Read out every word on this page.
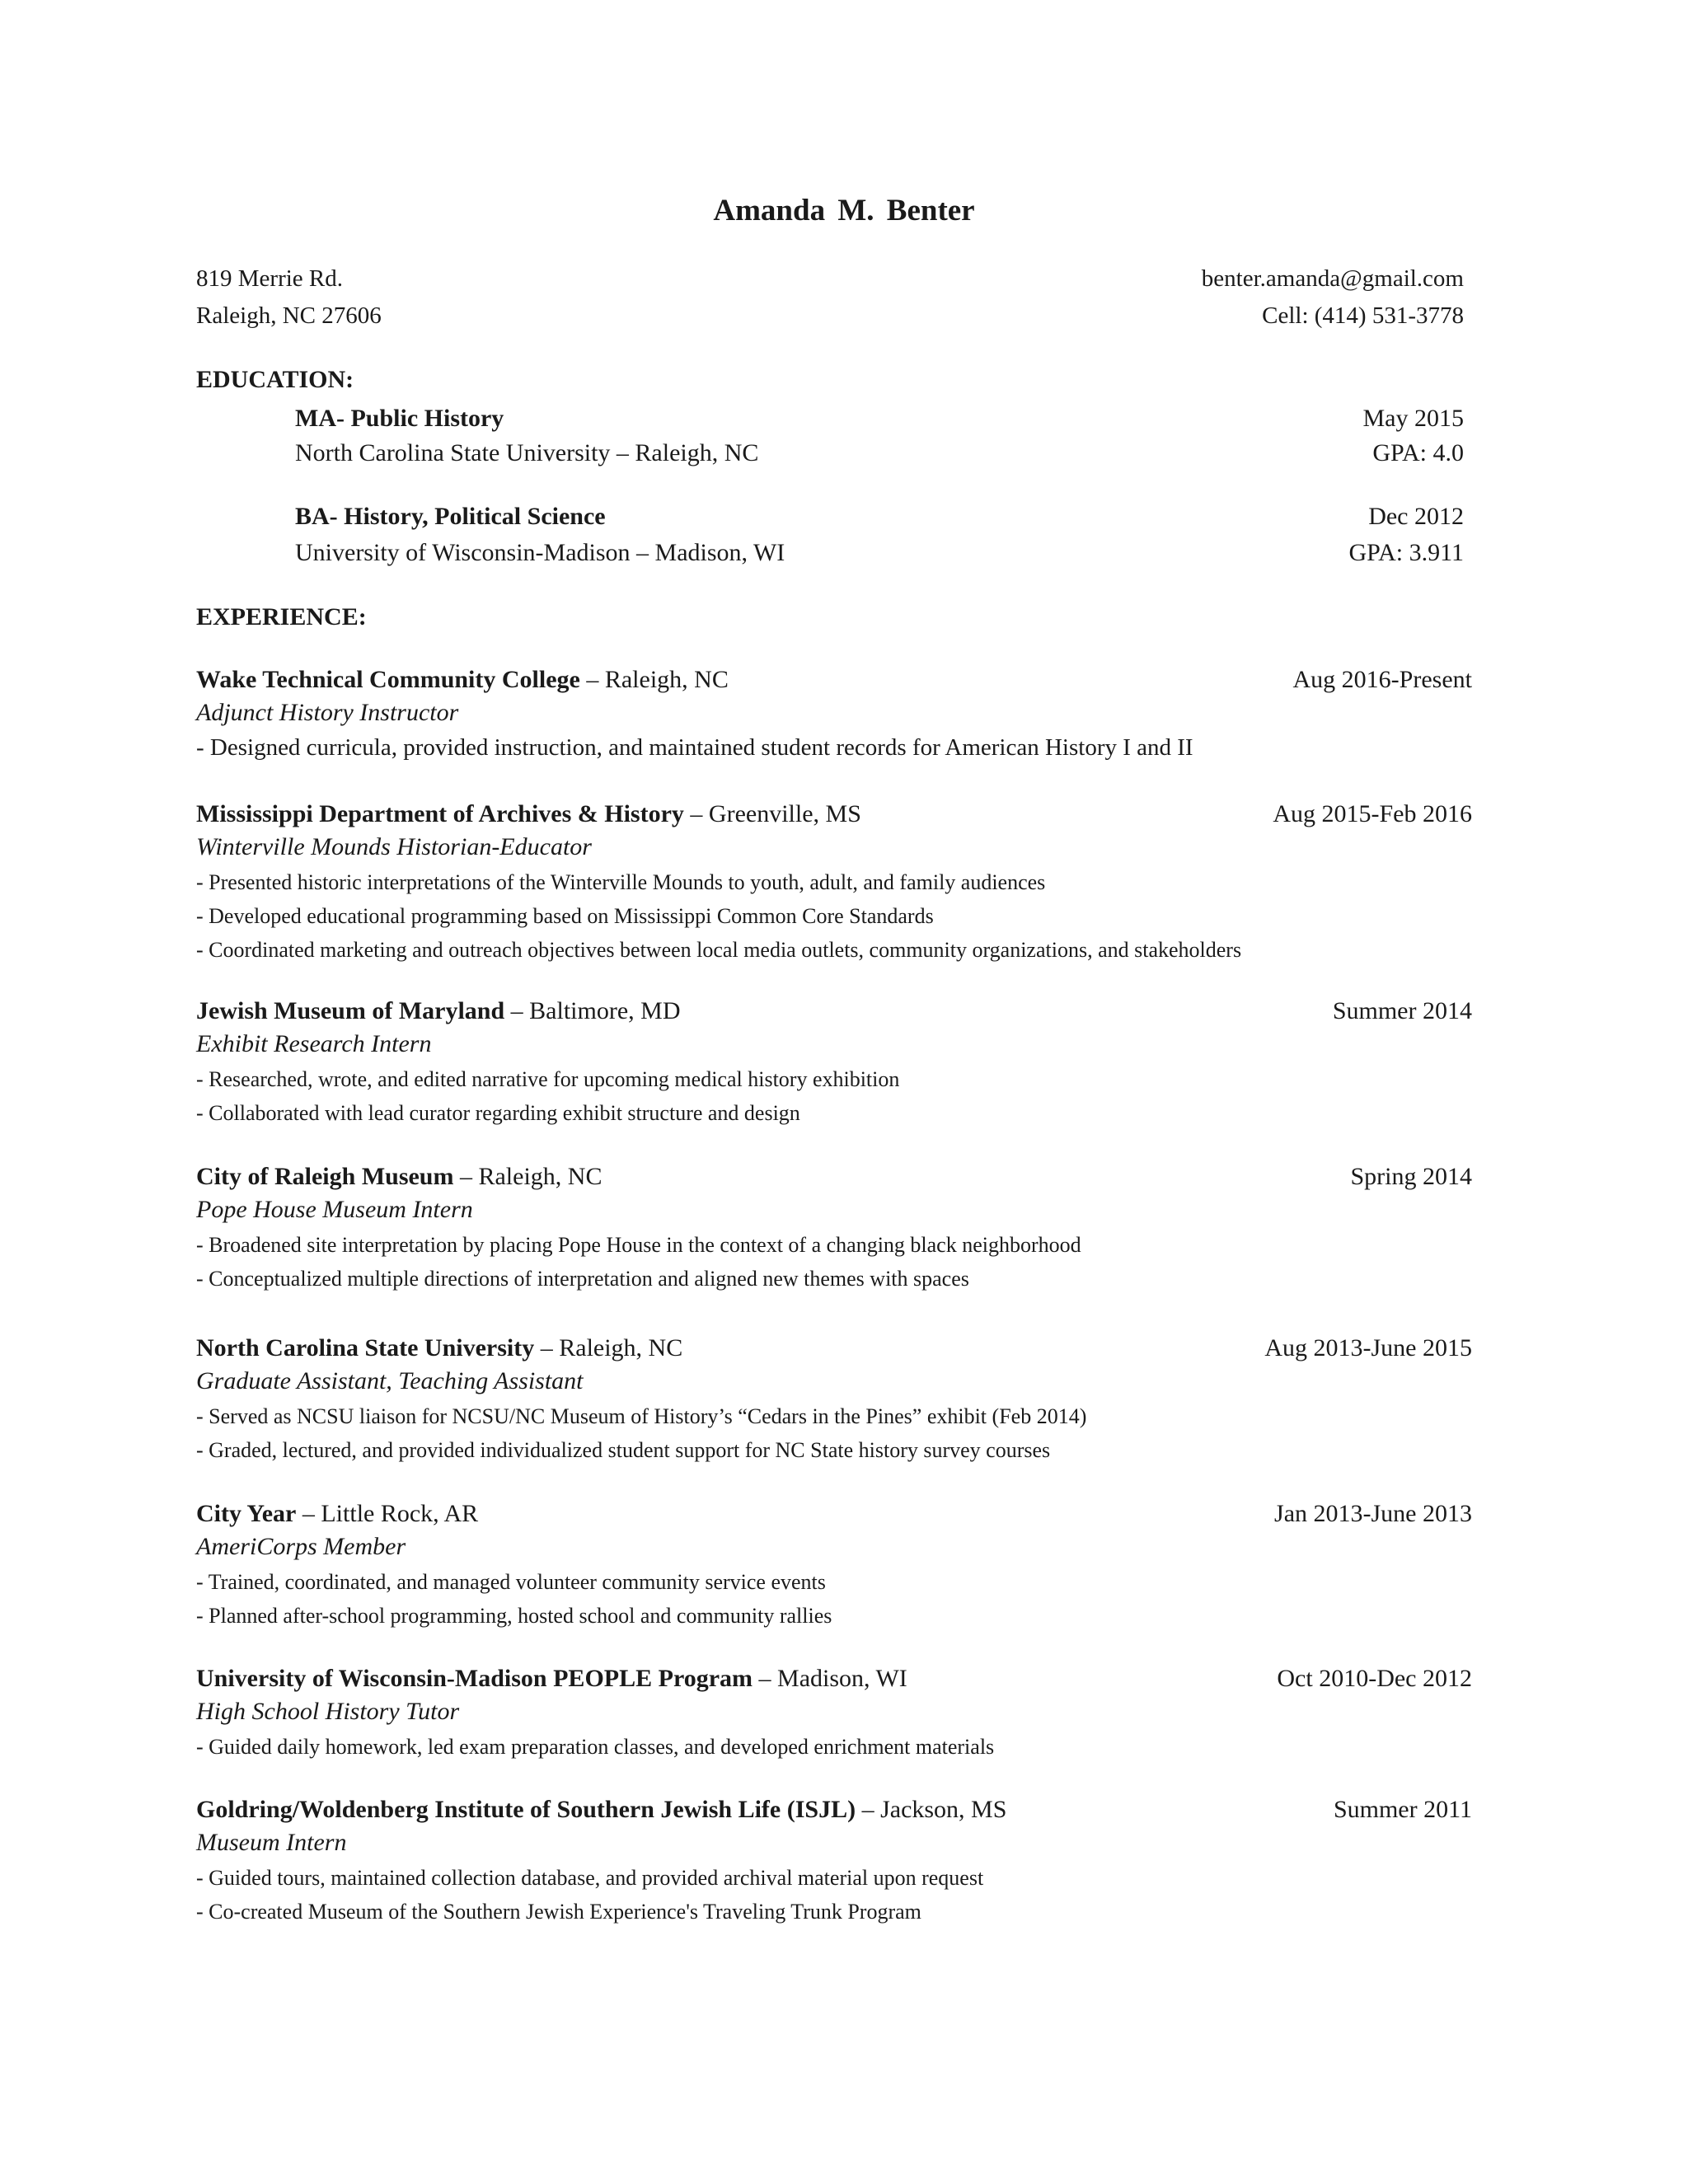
Amanda M. Benter
819 Merrie Rd.	benter.amanda@gmail.com
Raleigh, NC 27606	Cell: (414) 531-3778
EDUCATION:
MA- Public History	May 2015
North Carolina State University – Raleigh, NC	GPA: 4.0
BA- History, Political Science	Dec 2012
University of Wisconsin-Madison – Madison, WI	GPA: 3.911
EXPERIENCE:
Wake Technical Community College – Raleigh, NC	Aug 2016-Present
Adjunct History Instructor
- Designed curricula, provided instruction, and maintained student records for American History I and II
Mississippi Department of Archives & History – Greenville, MS	Aug 2015-Feb 2016
Winterville Mounds Historian-Educator
- Presented historic interpretations of the Winterville Mounds to youth, adult, and family audiences
- Developed educational programming based on Mississippi Common Core Standards
- Coordinated marketing and outreach objectives between local media outlets, community organizations, and stakeholders
Jewish Museum of Maryland – Baltimore, MD	Summer 2014
Exhibit Research Intern
- Researched, wrote, and edited narrative for upcoming medical history exhibition
- Collaborated with lead curator regarding exhibit structure and design
City of Raleigh Museum – Raleigh, NC	Spring 2014
Pope House Museum Intern
- Broadened site interpretation by placing Pope House in the context of a changing black neighborhood
- Conceptualized multiple directions of interpretation and aligned new themes with spaces
North Carolina State University – Raleigh, NC	Aug 2013-June 2015
Graduate Assistant, Teaching Assistant
- Served as NCSU liaison for NCSU/NC Museum of History’s “Cedars in the Pines” exhibit (Feb 2014)
- Graded, lectured, and provided individualized student support for NC State history survey courses
City Year – Little Rock, AR	Jan 2013-June 2013
AmeriCorps Member
- Trained, coordinated, and managed volunteer community service events
- Planned after-school programming, hosted school and community rallies
University of Wisconsin-Madison PEOPLE Program – Madison, WI	Oct 2010-Dec 2012
High School History Tutor
- Guided daily homework, led exam preparation classes, and developed enrichment materials
Goldring/Woldenberg Institute of Southern Jewish Life (ISJL) – Jackson, MS	Summer 2011
Museum Intern
- Guided tours, maintained collection database, and provided archival material upon request
- Co-created Museum of the Southern Jewish Experience's Traveling Trunk Program
